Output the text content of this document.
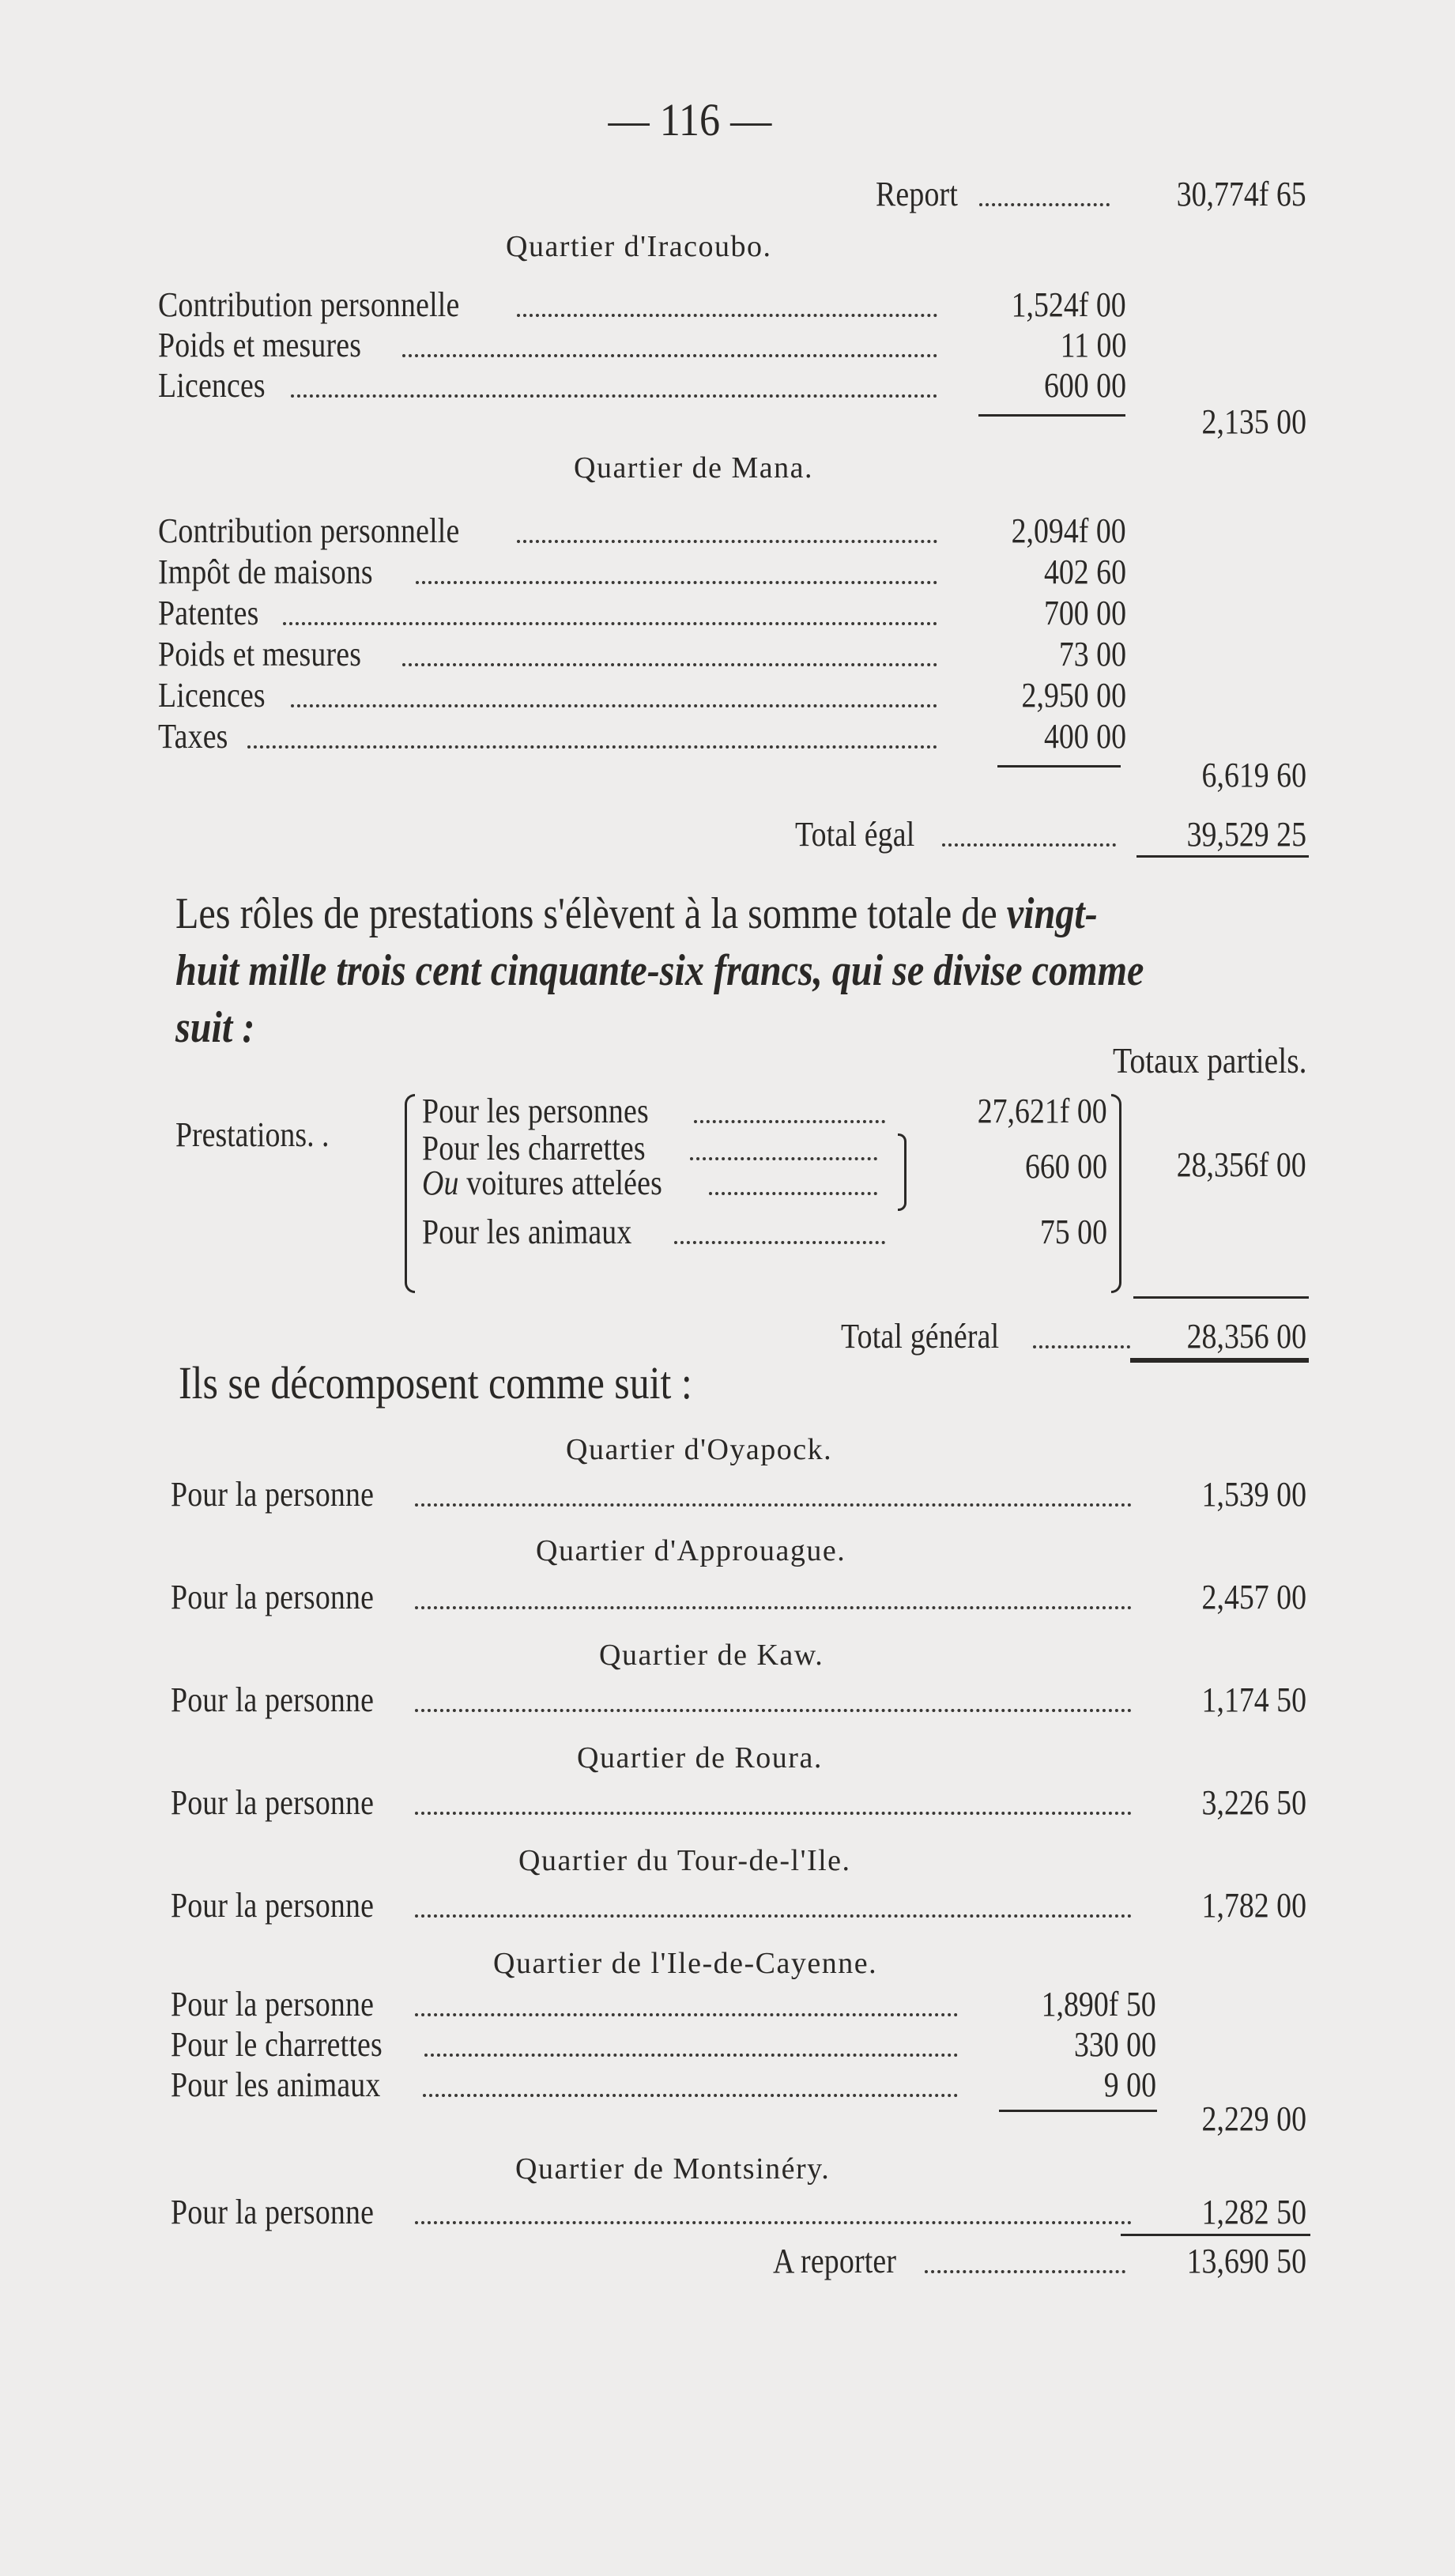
— 116 —
Report	30,774f 65
Quartier d'Iracoubo.
Contribution personnelle	1,524f 00
Poids et mesures	11 00
Licences	600 00
2,135 00
Quartier de Mana.
Contribution personnelle	2,094f 00
Impôt de maisons	402 60
Patentes	700 00
Poids et mesures	73 00
Licences	2,950 00
Taxes	400 00
6,619 60
Total égal	39,529 25
Les rôles de prestations s'élèvent à la somme totale de vingt-
huit mille trois cent cinquante-six francs, qui se divise comme
suit :
Totaux partiels.
Prestations. .
Pour les personnes	27,621f 00
Pour les charrettes
Ou voitures attelées	660 00
Pour les animaux	75 00
28,356f 00
Total général	28,356 00
Ils se décomposent comme suit :
Quartier d'Oyapock.
Pour la personne	1,539 00
Quartier d'Approuague.
Pour la personne	2,457 00
Quartier de Kaw.
Pour la personne	1,174 50
Quartier de Roura.
Pour la personne	3,226 50
Quartier du Tour-de-l'Ile.
Pour la personne	1,782 00
Quartier de l'Ile-de-Cayenne.
Pour la personne	1,890f 50
Pour le charrettes	330 00
Pour les animaux	9 00
2,229 00
Quartier de Montsinéry.
Pour la personne	1,282 50
A reporter	13,690 50
